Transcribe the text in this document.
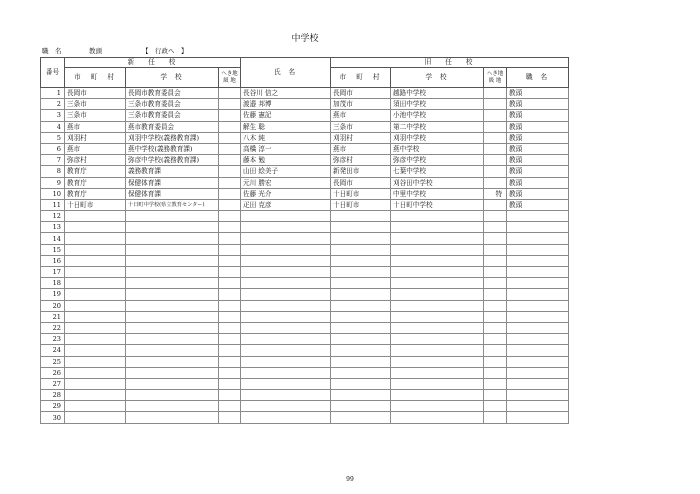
中学校
職　名	教頭	【　行政へ　】
番号	新任校			氏名	旧任校			
	市 町 村	学校	へき地
級 地		市 町 村	学校	へき地
級 地	職名
1	長岡市	長岡市教育委員会		長谷川 信之	長岡市	越路中学校		教頭
2	三条市	三条市教育委員会		渡邉 邦博	加茂市	須田中学校		教頭
3	三条市	三条市教育委員会		佐藤 憲記	燕市	小池中学校		教頭
4	燕市	燕市教育委員会		解生 聡	三条市	第二中学校		教頭
5	刈羽村	刈羽中学校(義務教育課)		八木 純	刈羽村	刈羽中学校		教頭
6	燕市	燕中学校(義務教育課)		高橋 淳一	燕市	燕中学校		教頭
7	弥彦村	弥彦中学校(義務教育課)		藤本 勉	弥彦村	弥彦中学校		教頭
8	教育庁	義務教育課		山田 絵美子	新発田市	七葉中学校		教頭
9	教育庁	保健体育課		元川 勝宏	長岡市	刈谷田中学校		教頭
10	教育庁	保健体育課		佐藤 光介	十日町市	中里中学校	特	教頭
11	十日町市	十日町中学校(県立教育センター)		疋田 克彦	十日町市	十日町中学校		教頭
12								
13								
14								
15								
16								
17								
18								
19								
20								
21								
22								
23								
24								
25								
26								
27								
28								
29								
30								
99
